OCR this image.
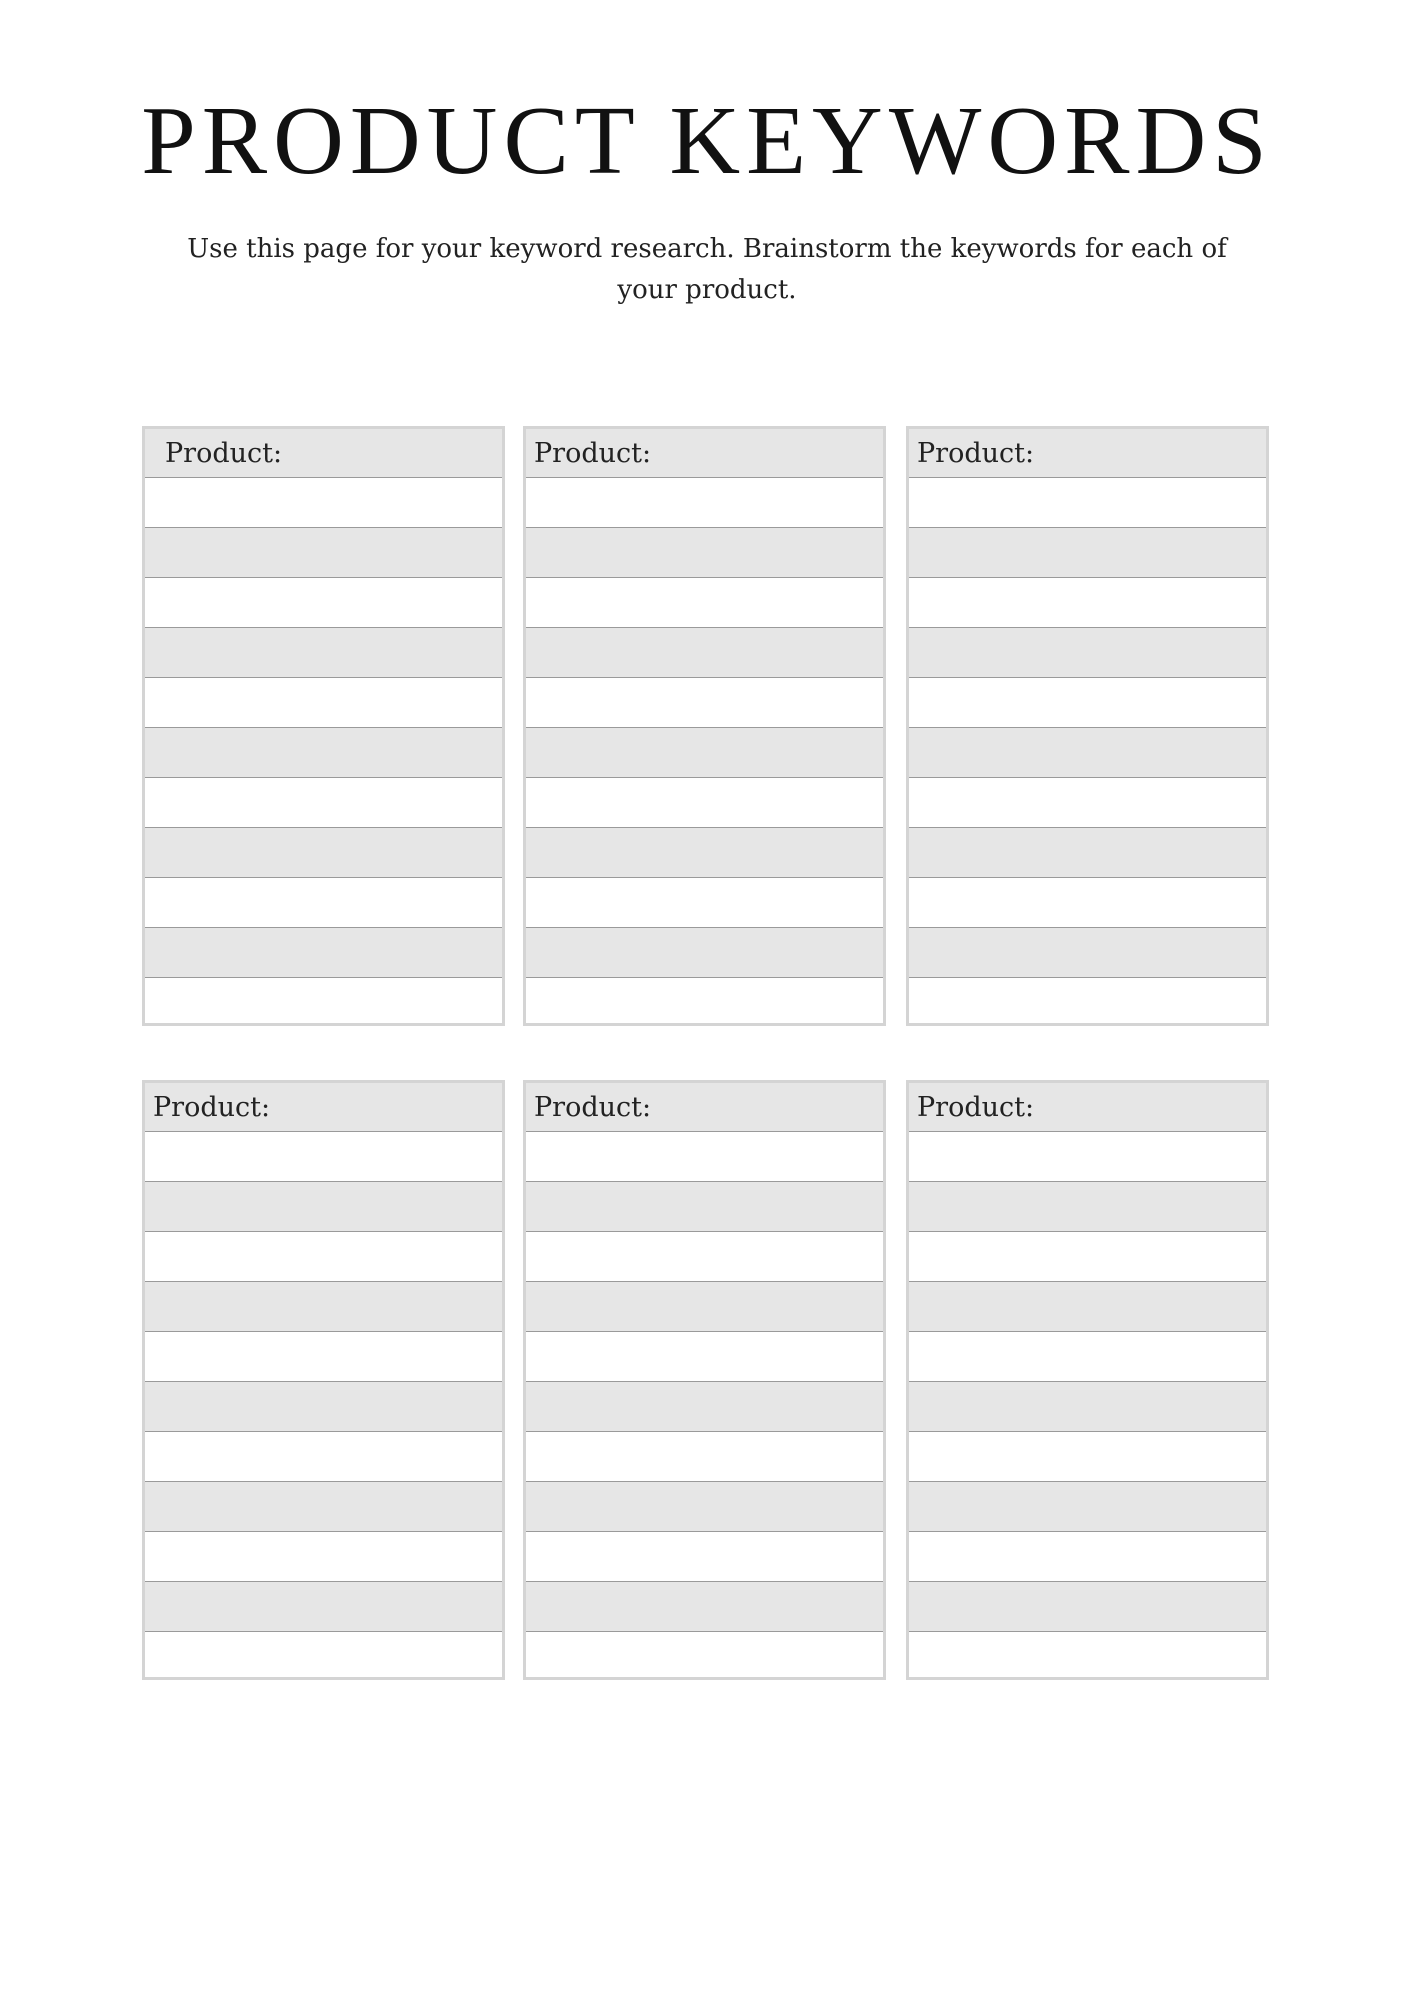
PRODUCT KEYWORDS

Use this page for your keyword research. Brainstorm the keywords for each of your product.

Product:	Product:	Product:
Product:	Product:	Product:
